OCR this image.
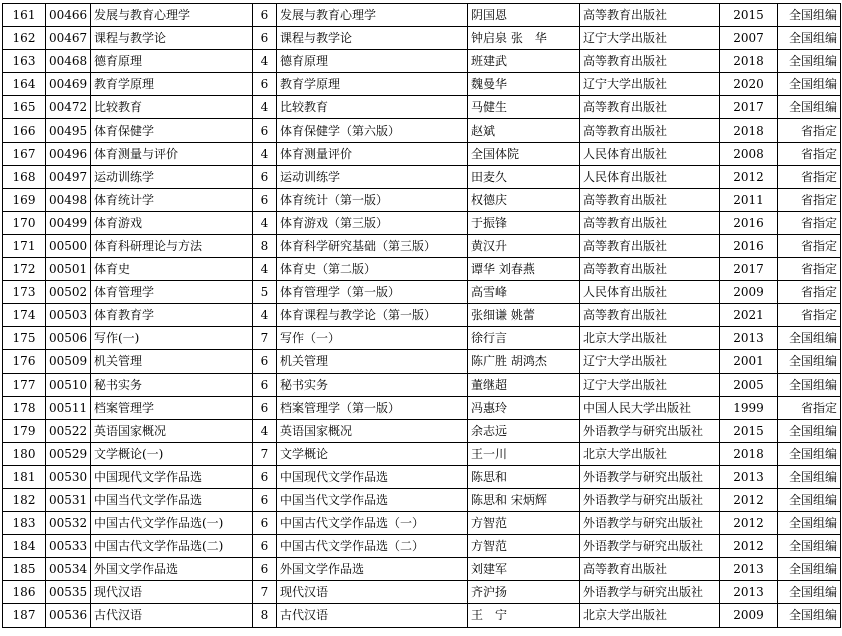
161	00466	发展与教育心理学	6	发展与教育心理学	阴国恩	高等教育出版社	2015	全国组编
162	00467	课程与教学论	6	课程与教学论	钟启泉 张　华	辽宁大学出版社	2007	全国组编
163	00468	德育原理	4	德育原理	班建武	高等教育出版社	2018	全国组编
164	00469	教育学原理	6	教育学原理	魏曼华	辽宁大学出版社	2020	全国组编
165	00472	比较教育	4	比较教育	马健生	高等教育出版社	2017	全国组编
166	00495	体育保健学	6	体育保健学（第六版）	赵斌	高等教育出版社	2018	省指定
167	00496	体育测量与评价	4	体育测量评价	全国体院	人民体育出版社	2008	省指定
168	00497	运动训练学	6	运动训练学	田麦久	人民体育出版社	2012	省指定
169	00498	体育统计学	6	体育统计（第一版）	权德庆	高等教育出版社	2011	省指定
170	00499	体育游戏	4	体育游戏（第三版）	于振锋	高等教育出版社	2016	省指定
171	00500	体育科研理论与方法	8	体育科学研究基础（第三版）	黄汉升	高等教育出版社	2016	省指定
172	00501	体育史	4	体育史（第二版）	谭华 刘春燕	高等教育出版社	2017	省指定
173	00502	体育管理学	5	体育管理学（第一版）	高雪峰	人民体育出版社	2009	省指定
174	00503	体育教育学	4	体育课程与教学论（第一版）	张细谦 姚蕾	高等教育出版社	2021	省指定
175	00506	写作(一)	7	写作（一）	徐行言	北京大学出版社	2013	全国组编
176	00509	机关管理	6	机关管理	陈广胜 胡鸿杰	辽宁大学出版社	2001	全国组编
177	00510	秘书实务	6	秘书实务	董继超	辽宁大学出版社	2005	全国组编
178	00511	档案管理学	6	档案管理学（第一版）	冯惠玲	中国人民大学出版社	1999	省指定
179	00522	英语国家概况	4	英语国家概况	余志远	外语教学与研究出版社	2015	全国组编
180	00529	文学概论(一)	7	文学概论	王一川	北京大学出版社	2018	全国组编
181	00530	中国现代文学作品选	6	中国现代文学作品选	陈思和	外语教学与研究出版社	2013	全国组编
182	00531	中国当代文学作品选	6	中国当代文学作品选	陈思和 宋炳辉	外语教学与研究出版社	2012	全国组编
183	00532	中国古代文学作品选(一)	6	中国古代文学作品选（一）	方智范	外语教学与研究出版社	2012	全国组编
184	00533	中国古代文学作品选(二)	6	中国古代文学作品选（二）	方智范	外语教学与研究出版社	2012	全国组编
185	00534	外国文学作品选	6	外国文学作品选	刘建军	高等教育出版社	2013	全国组编
186	00535	现代汉语	7	现代汉语	齐沪扬	外语教学与研究出版社	2013	全国组编
187	00536	古代汉语	8	古代汉语	王　宁	北京大学出版社	2009	全国组编
